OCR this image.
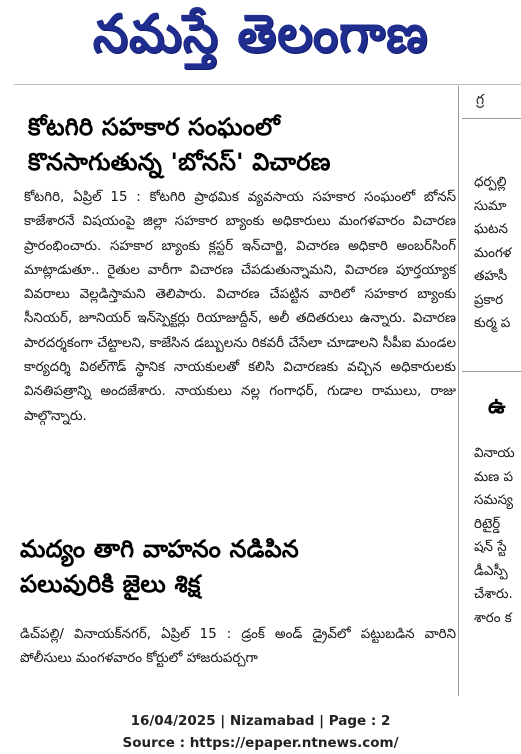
నమస్తే తెలంగాణ
కోటగిరి సహకార సంఘంలో
కొనసాగుతున్న 'బోనస్' విచారణ

కోటగిరి, ఏప్రిల్ 15 : కోటగిరి ప్రాథమిక వ్యవసాయ సహకార సంఘంలో బోనస్ కాజేశారనే విషయంపై జిల్లా సహకార బ్యాంకు అధికారులు మంగళవారం విచారణ ప్రారంభించారు. సహకార బ్యాంకు క్లస్టర్ ఇన్‌చార్జి, విచారణ అధికారి అంబర్‌సింగ్ మాట్లాడుతూ.. రైతుల వారీగా విచారణ చేపడుతున్నామని, విచారణ పూర్తయ్యాక వివరాలు వెల్లడిస్తామని తెలిపారు. విచారణ చేపట్టిన వారిలో సహకార బ్యాంకు సీనియర్, జూనియర్ ఇన్‌స్పెక్టర్లు రియాజుద్దీన్, అలీ తదితరులు ఉన్నారు. విచారణ పారదర్శకంగా చేట్టాలని, కాజేసిన డబ్బులను రికవరీ చేసేలా చూడాలని సీపీఐ మండల కార్యదర్శి విఠల్‌గౌడ్ స్థానిక నాయకులతో కలిసి విచారణకు వచ్చిన అధికారులకు వినతిపత్రాన్ని అందజేశారు. నాయకులు నల్ల గంగాధర్, గుడాల రాములు, రాజు పాల్గొన్నారు.

మద్యం తాగి వాహనం నడిపిన
పలువురికి జైలు శిక్ష

డిచ్‌పల్లి/ వినాయక్‌నగర్, ఏప్రిల్ 15 : డ్రంక్ అండ్ డ్రైవ్‌లో పట్టుబడిన వారిని పోలీసులు మంగళవారం కోర్టులో హాజరుపర్చగా

గ్ర
ధర్పల్లి
సుమా
ఘటన
మంగళ
తహసీ
ప్రకార
కుర్మ ప
ఉ
వినాయ
మణ ప
సమస్య
రిటైర్డ్
షన్ స్టే
డీఎస్పీ
చేశారు.
శారం క
16/04/2025 | Nizamabad | Page : 2
Source : https://epaper.ntnews.com/
